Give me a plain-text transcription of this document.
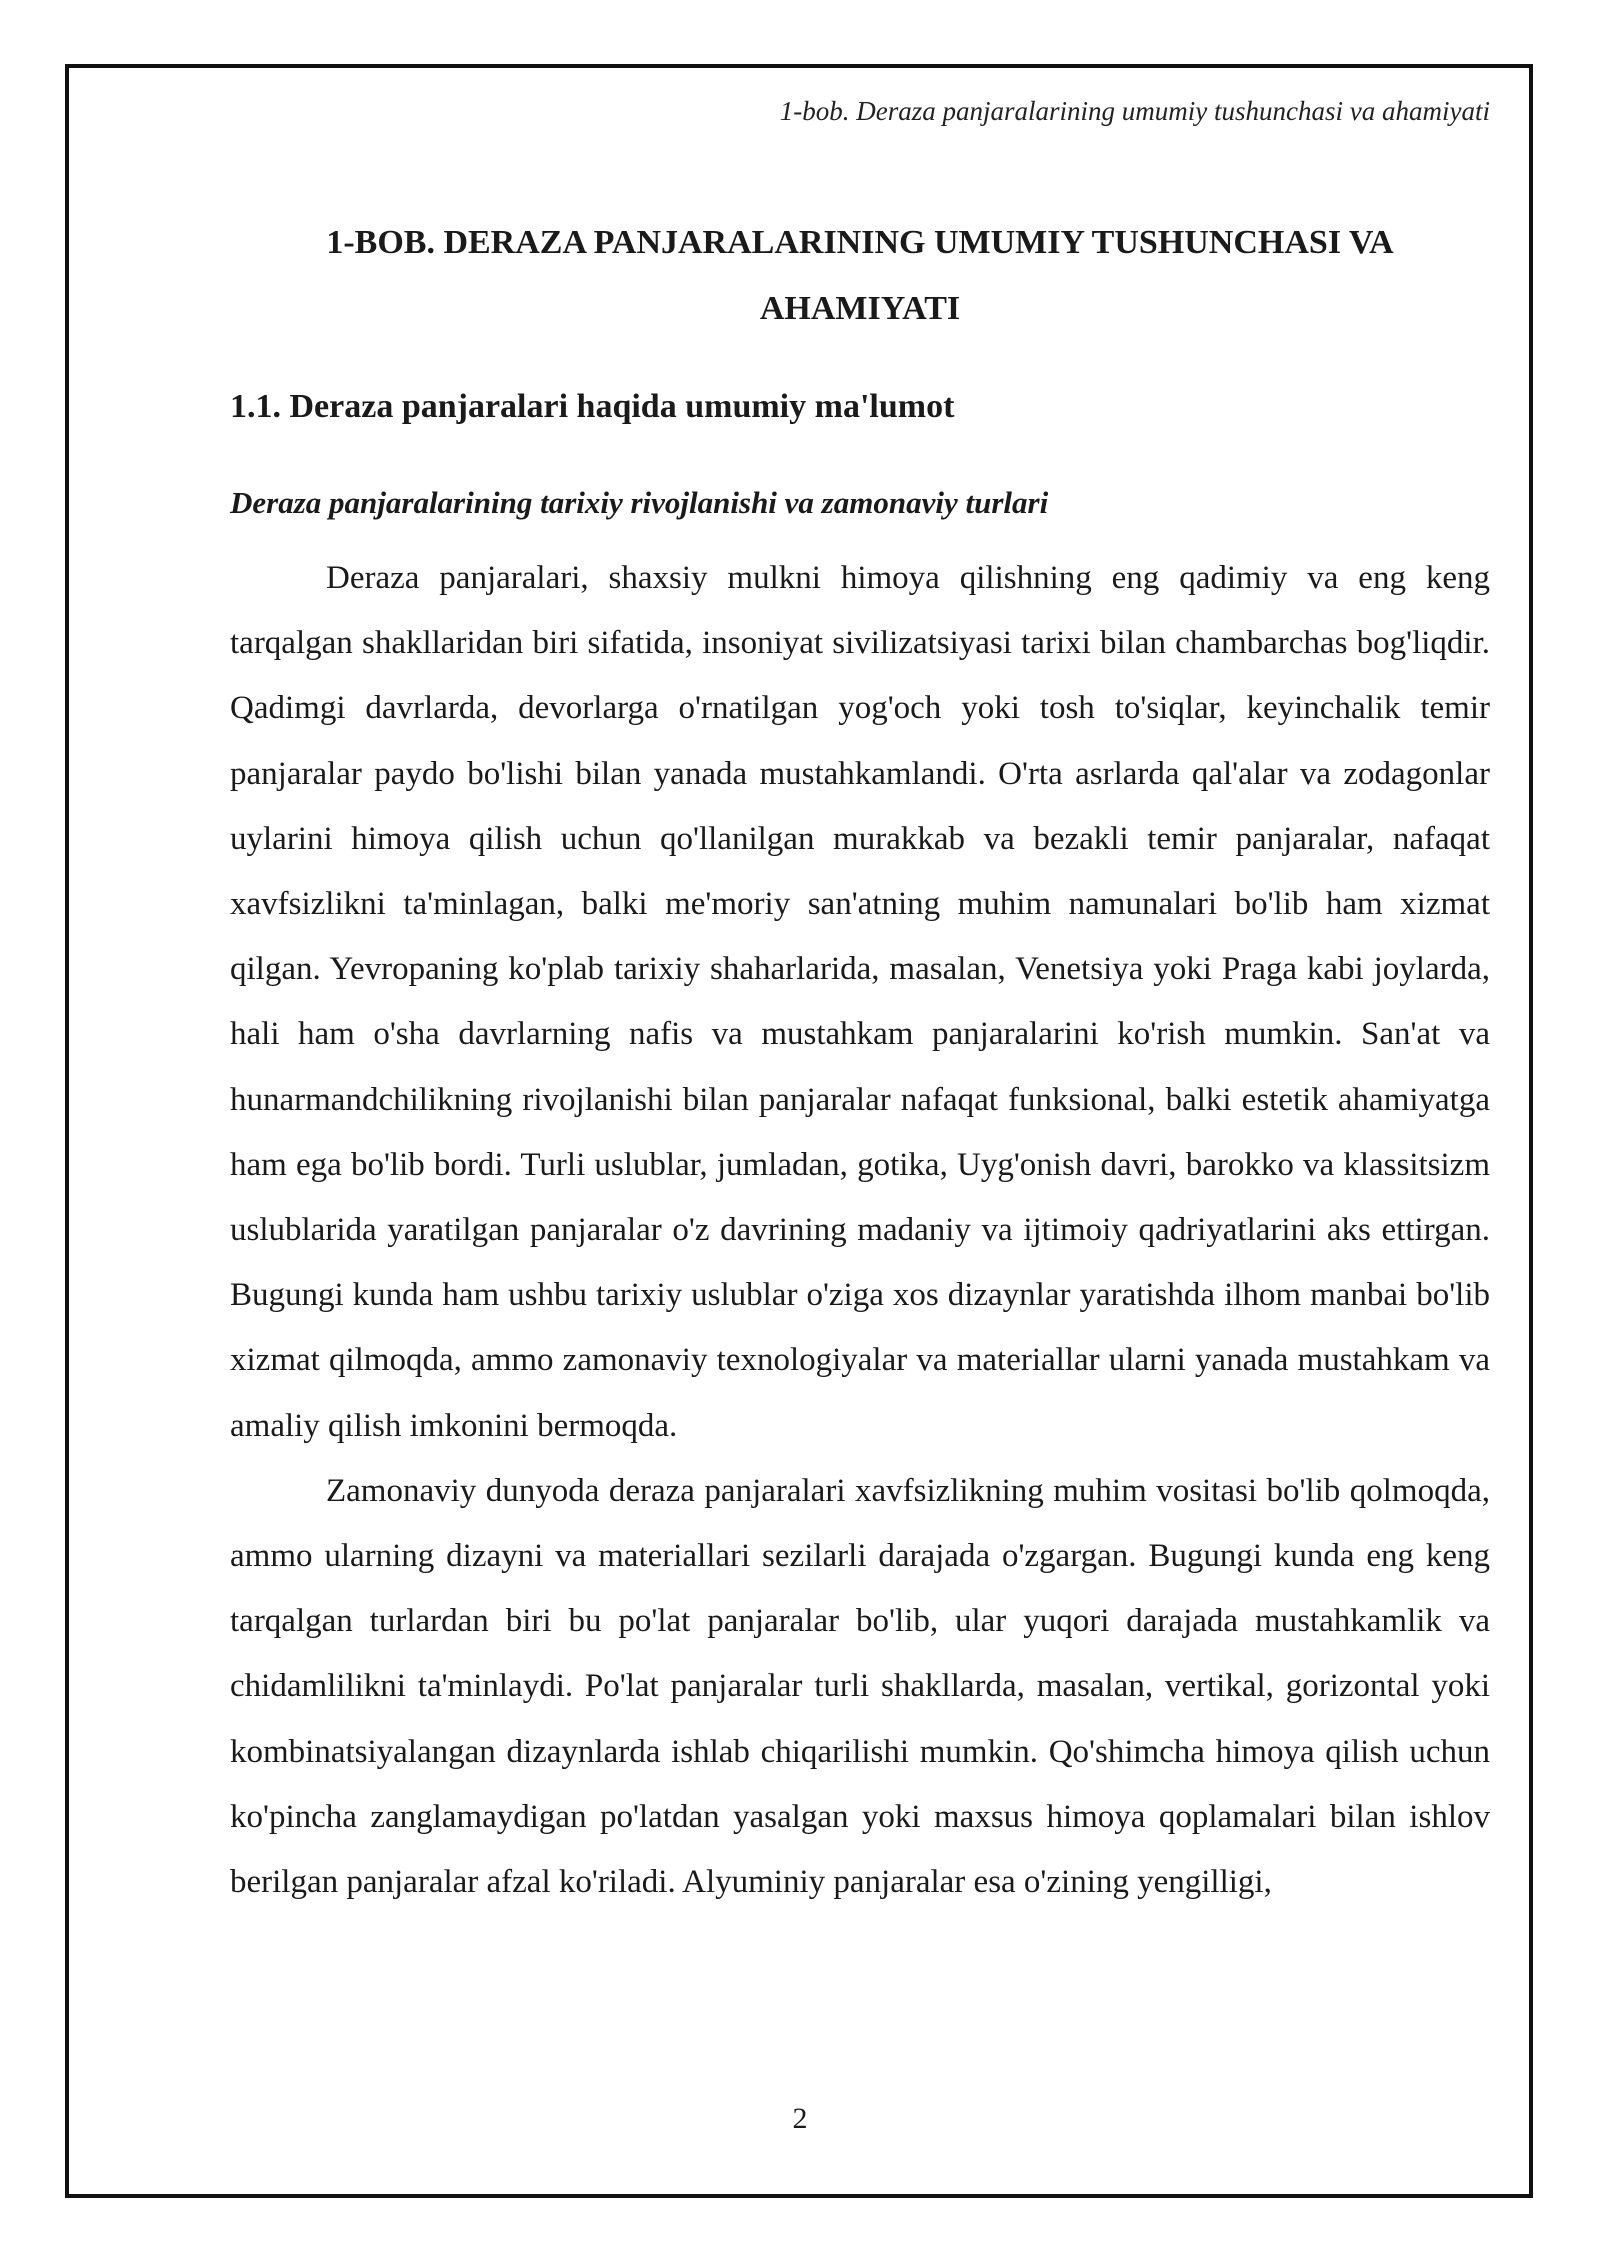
1-bob. Deraza panjaralarining umumiy tushunchasi va ahamiyati
1-BOB. DERAZA PANJARALARINING UMUMIY TUSHUNCHASI VA
AHAMIYATI
1.1. Deraza panjaralari haqida umumiy ma'lumot
Deraza panjaralarining tarixiy rivojlanishi va zamonaviy turlari

Deraza panjaralari, shaxsiy mulkni himoya qilishning eng qadimiy va eng keng tarqalgan shakllaridan biri sifatida, insoniyat sivilizatsiyasi tarixi bilan chambarchas bog'liqdir. Qadimgi davrlarda, devorlarga o'rnatilgan yog'och yoki tosh to'siqlar, keyinchalik temir panjaralar paydo bo'lishi bilan yanada mustahkamlandi. O'rta asrlarda qal'alar va zodagonlar uylarini himoya qilish uchun qo'llanilgan murakkab va bezakli temir panjaralar, nafaqat xavfsizlikni ta'minlagan, balki me'moriy san'atning muhim namunalari bo'lib ham xizmat qilgan. Yevropaning ko'plab tarixiy shaharlarida, masalan, Venetsiya yoki Praga kabi joylarda, hali ham o'sha davrlarning nafis va mustahkam panjaralarini ko'rish mumkin. San'at va hunarmandchilikning rivojlanishi bilan panjaralar nafaqat funksional, balki estetik ahamiyatga ham ega bo'lib bordi. Turli uslublar, jumladan, gotika, Uyg'onish davri, barokko va klassitsizm uslublarida yaratilgan panjaralar o'z davrining madaniy va ijtimoiy qadriyatlarini aks ettirgan. Bugungi kunda ham ushbu tarixiy uslublar o'ziga xos dizaynlar yaratishda ilhom manbai bo'lib xizmat qilmoqda, ammo zamonaviy texnologiyalar va materiallar ularni yanada mustahkam va amaliy qilish imkonini bermoqda.

Zamonaviy dunyoda deraza panjaralari xavfsizlikning muhim vositasi bo'lib qolmoqda, ammo ularning dizayni va materiallari sezilarli darajada o'zgargan. Bugungi kunda eng keng tarqalgan turlardan biri bu po'lat panjaralar bo'lib, ular yuqori darajada mustahkamlik va chidamlilikni ta'minlaydi. Po'lat panjaralar turli shakllarda, masalan, vertikal, gorizontal yoki kombinatsiyalangan dizaynlarda ishlab chiqarilishi mumkin. Qo'shimcha himoya qilish uchun ko'pincha zanglamaydigan po'latdan yasalgan yoki maxsus himoya qoplamalari bilan ishlov berilgan panjaralar afzal ko'riladi. Alyuminiy panjaralar esa o'zining yengilligi,

2
